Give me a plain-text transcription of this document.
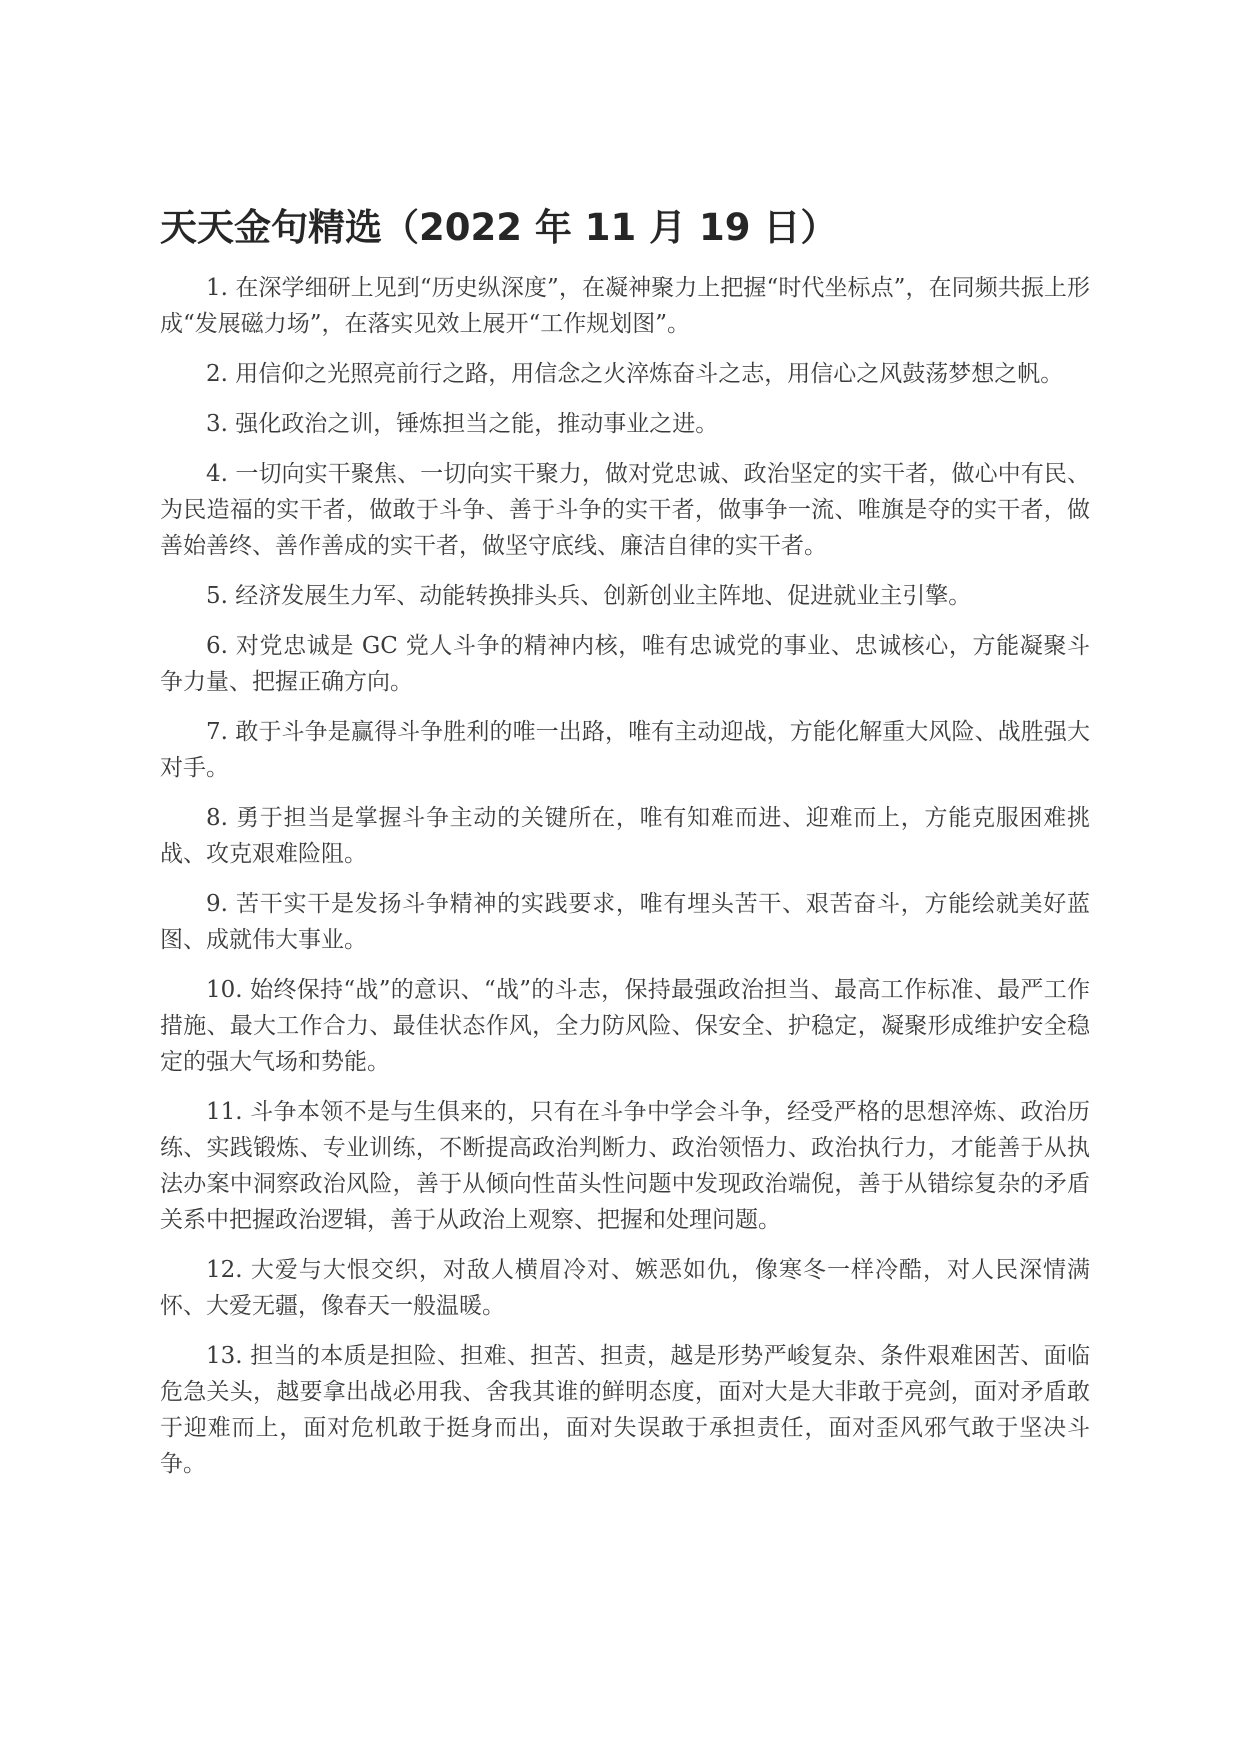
天天金句精选（2022 年 11 月 19 日）

1. 在深学细研上见到“历史纵深度”，在凝神聚力上把握“时代坐标点”，在同频共振上形成“发展磁力场”，在落实见效上展开“工作规划图”。

2. 用信仰之光照亮前行之路，用信念之火淬炼奋斗之志，用信心之风鼓荡梦想之帆。

3. 强化政治之训，锤炼担当之能，推动事业之进。

4. 一切向实干聚焦、一切向实干聚力，做对党忠诚、政治坚定的实干者，做心中有民、为民造福的实干者，做敢于斗争、善于斗争的实干者，做事争一流、唯旗是夺的实干者，做善始善终、善作善成的实干者，做坚守底线、廉洁自律的实干者。

5. 经济发展生力军、动能转换排头兵、创新创业主阵地、促进就业主引擎。

6. 对党忠诚是 GC 党人斗争的精神内核，唯有忠诚党的事业、忠诚核心，方能凝聚斗争力量、把握正确方向。

7. 敢于斗争是赢得斗争胜利的唯一出路，唯有主动迎战，方能化解重大风险、战胜强大对手。

8. 勇于担当是掌握斗争主动的关键所在，唯有知难而进、迎难而上，方能克服困难挑战、攻克艰难险阻。

9. 苦干实干是发扬斗争精神的实践要求，唯有埋头苦干、艰苦奋斗，方能绘就美好蓝图、成就伟大事业。

10. 始终保持“战”的意识、“战”的斗志，保持最强政治担当、最高工作标准、最严工作措施、最大工作合力、最佳状态作风，全力防风险、保安全、护稳定，凝聚形成维护安全稳定的强大气场和势能。

11. 斗争本领不是与生俱来的，只有在斗争中学会斗争，经受严格的思想淬炼、政治历练、实践锻炼、专业训练，不断提高政治判断力、政治领悟力、政治执行力，才能善于从执法办案中洞察政治风险，善于从倾向性苗头性问题中发现政治端倪，善于从错综复杂的矛盾关系中把握政治逻辑，善于从政治上观察、把握和处理问题。

12. 大爱与大恨交织，对敌人横眉冷对、嫉恶如仇，像寒冬一样冷酷，对人民深情满怀、大爱无疆，像春天一般温暖。

13. 担当的本质是担险、担难、担苦、担责，越是形势严峻复杂、条件艰难困苦、面临危急关头，越要拿出战必用我、舍我其谁的鲜明态度，面对大是大非敢于亮剑，面对矛盾敢于迎难而上，面对危机敢于挺身而出，面对失误敢于承担责任，面对歪风邪气敢于坚决斗争。
